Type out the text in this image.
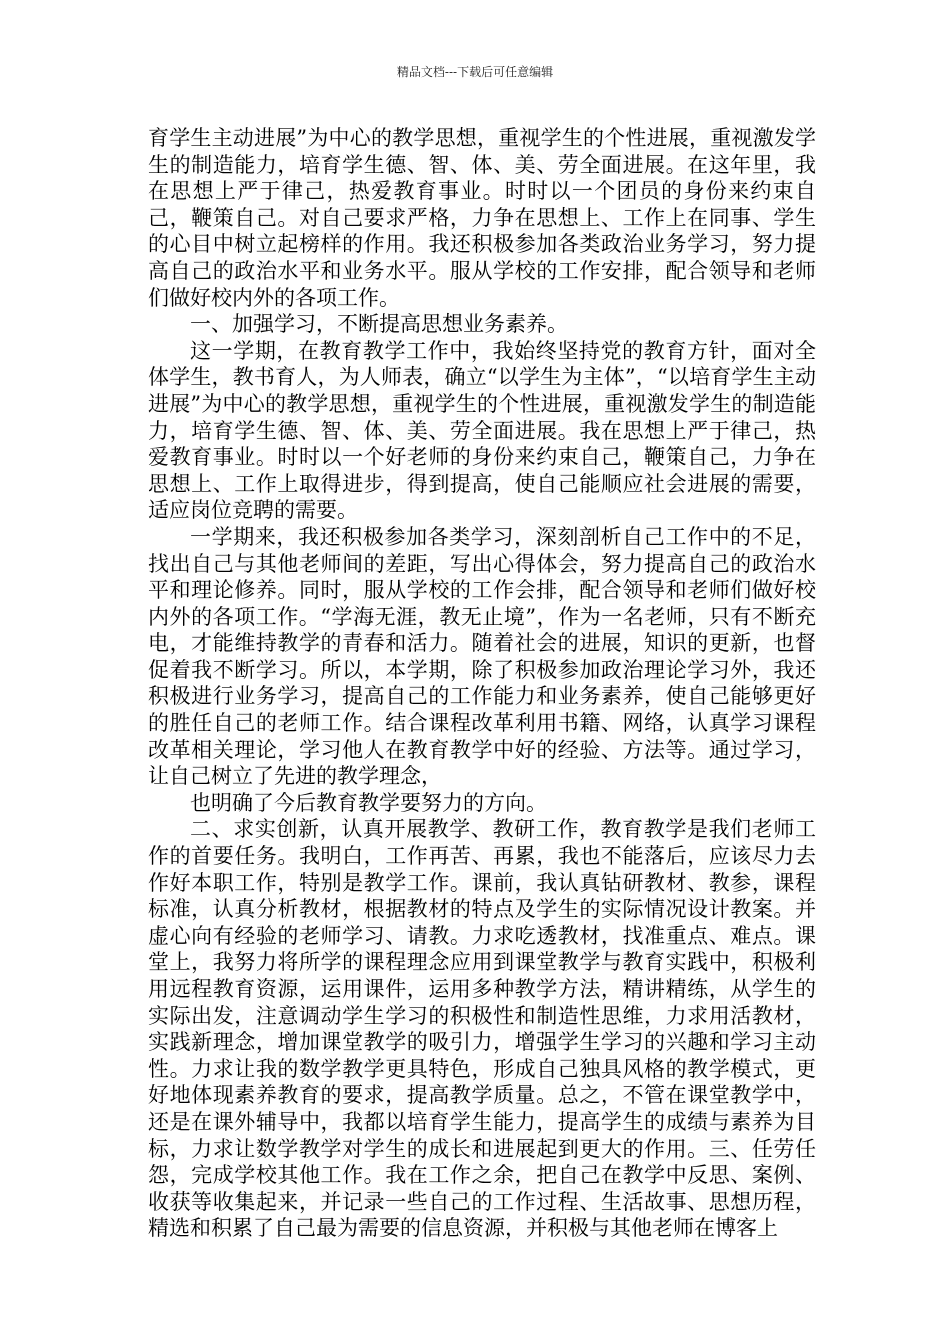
精品文档---下载后可任意编辑

育学生主动进展”为中心的教学思想，重视学生的个性进展，重视激发学生的制造能力，培育学生德、智、体、美、劳全面进展。在这年里，我在思想上严于律己，热爱教育事业。时时以一个团员的身份来约束自己，鞭策自己。对自己要求严格，力争在思想上、工作上在同事、学生的心目中树立起榜样的作用。我还积极参加各类政治业务学习，努力提高自己的政治水平和业务水平。服从学校的工作安排，配合领导和老师们做好校内外的各项工作。

一、加强学习，不断提高思想业务素养。

这一学期，在教育教学工作中，我始终坚持党的教育方针，面对全体学生，教书育人，为人师表，确立“以学生为主体”，“以培育学生主动进展”为中心的教学思想，重视学生的个性进展，重视激发学生的制造能力，培育学生德、智、体、美、劳全面进展。我在思想上严于律己，热爱教育事业。时时以一个好老师的身份来约束自己，鞭策自己，力争在思想上、工作上取得进步，得到提高，使自己能顺应社会进展的需要，适应岗位竞聘的需要。

一学期来，我还积极参加各类学习，深刻剖析自己工作中的不足，找出自己与其他老师间的差距，写出心得体会，努力提高自己的政治水平和理论修养。同时，服从学校的工作会排，配合领导和老师们做好校内外的各项工作。“学海无涯，教无止境”，作为一名老师，只有不断充电，才能维持教学的青春和活力。随着社会的进展，知识的更新，也督促着我不断学习。所以，本学期，除了积极参加政治理论学习外，我还积极进行业务学习，提高自己的工作能力和业务素养，使自己能够更好的胜任自己的老师工作。结合课程改革利用书籍、网络，认真学习课程改革相关理论，学习他人在教育教学中好的经验、方法等。通过学习，让自己树立了先进的教学理念，

也明确了今后教育教学要努力的方向。

二、求实创新，认真开展教学、教研工作，教育教学是我们老师工作的首要任务。我明白，工作再苦、再累，我也不能落后，应该尽力去作好本职工作，特别是教学工作。课前，我认真钻研教材、教参，课程标准，认真分析教材，根据教材的特点及学生的实际情况设计教案。并虚心向有经验的老师学习、请教。力求吃透教材，找准重点、难点。课堂上，我努力将所学的课程理念应用到课堂教学与教育实践中，积极利用远程教育资源，运用课件，运用多种教学方法，精讲精练，从学生的实际出发，注意调动学生学习的积极性和制造性思维，力求用活教材，实践新理念，增加课堂教学的吸引力，增强学生学习的兴趣和学习主动性。力求让我的数学教学更具特色，形成自己独具风格的教学模式，更好地体现素养教育的要求，提高教学质量。总之，不管在课堂教学中，还是在课外辅导中，我都以培育学生能力，提高学生的成绩与素养为目标，力求让数学教学对学生的成长和进展起到更大的作用。三、任劳任怨，完成学校其他工作。我在工作之余，把自己在教学中反思、案例、收获等收集起来，并记录一些自己的工作过程、生活故事、思想历程，精选和积累了自己最为需要的信息资源，并积极与其他老师在博客上
